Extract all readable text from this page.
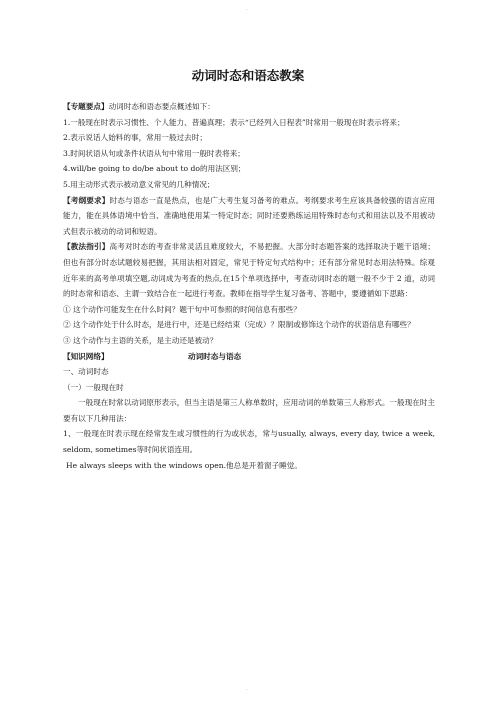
·
动词时态和语态教案

【专题要点】动词时态和语态要点概述如下：

1.一般现在时表示习惯性、个人能力、普遍真理；表示“已经列入日程表”时常用一般现在时表示将来；

2.表示说话人始料的事，常用一般过去时；

3.时间状语从句或条件状语从句中常用一般时表将来；

4.will/be going to do/be about to do的用法区别；

5.用主动形式表示被动意义常见的几种情况；

【考纲要求】时态与语态一直是热点，也是广大考生复习备考的难点。考纲要求考生应该具备较强的语言应用能力，能在具体语境中恰当、准确地使用某一特定时态；同时还要熟练运用特殊时态句式和用法以及不用被动式但表示被动的动词和短语。

【教法指引】高考对时态的考查非常灵活且难度较大，不易把握。大部分时态题答案的选择取决于题干语境；但也有部分时态试题较易把握，其用法相对固定，常见于特定句式结构中；还有部分常见时态用法特殊。综观近年来的高考单项填空题,动词成为考查的热点,在15个单项选择中，考查动词时态的题一般不少于 2 道，动词的时态常和语态、主谓一致结合在一起进行考查。教师在指导学生复习备考、答题中，要遵循如下思路：

① 这个动作可能发生在什么时间？题干句中可参照的时间信息有那些？

② 这个动作处于什么时态，是进行中，还是已经结束（完成）？限制或修饰这个动作的状语信息有哪些？

③ 这个动作与主语的关系，是主动还是被动？

【知识网络】	动词时态与语态

一、动词时态

（一）一般现在时

一般现在时常以动词原形表示，但当主语是第三人称单数时，应用动词的单数第三人称形式。一般现在时主要有以下几种用法：

1、一般现在时表示现在经常发生或习惯性的行为或状态，常与usually, always, every day, twice a week, seldom, sometimes等时间状语连用。

He always sleeps with the windows open.他总是开着窗子睡觉。

·
